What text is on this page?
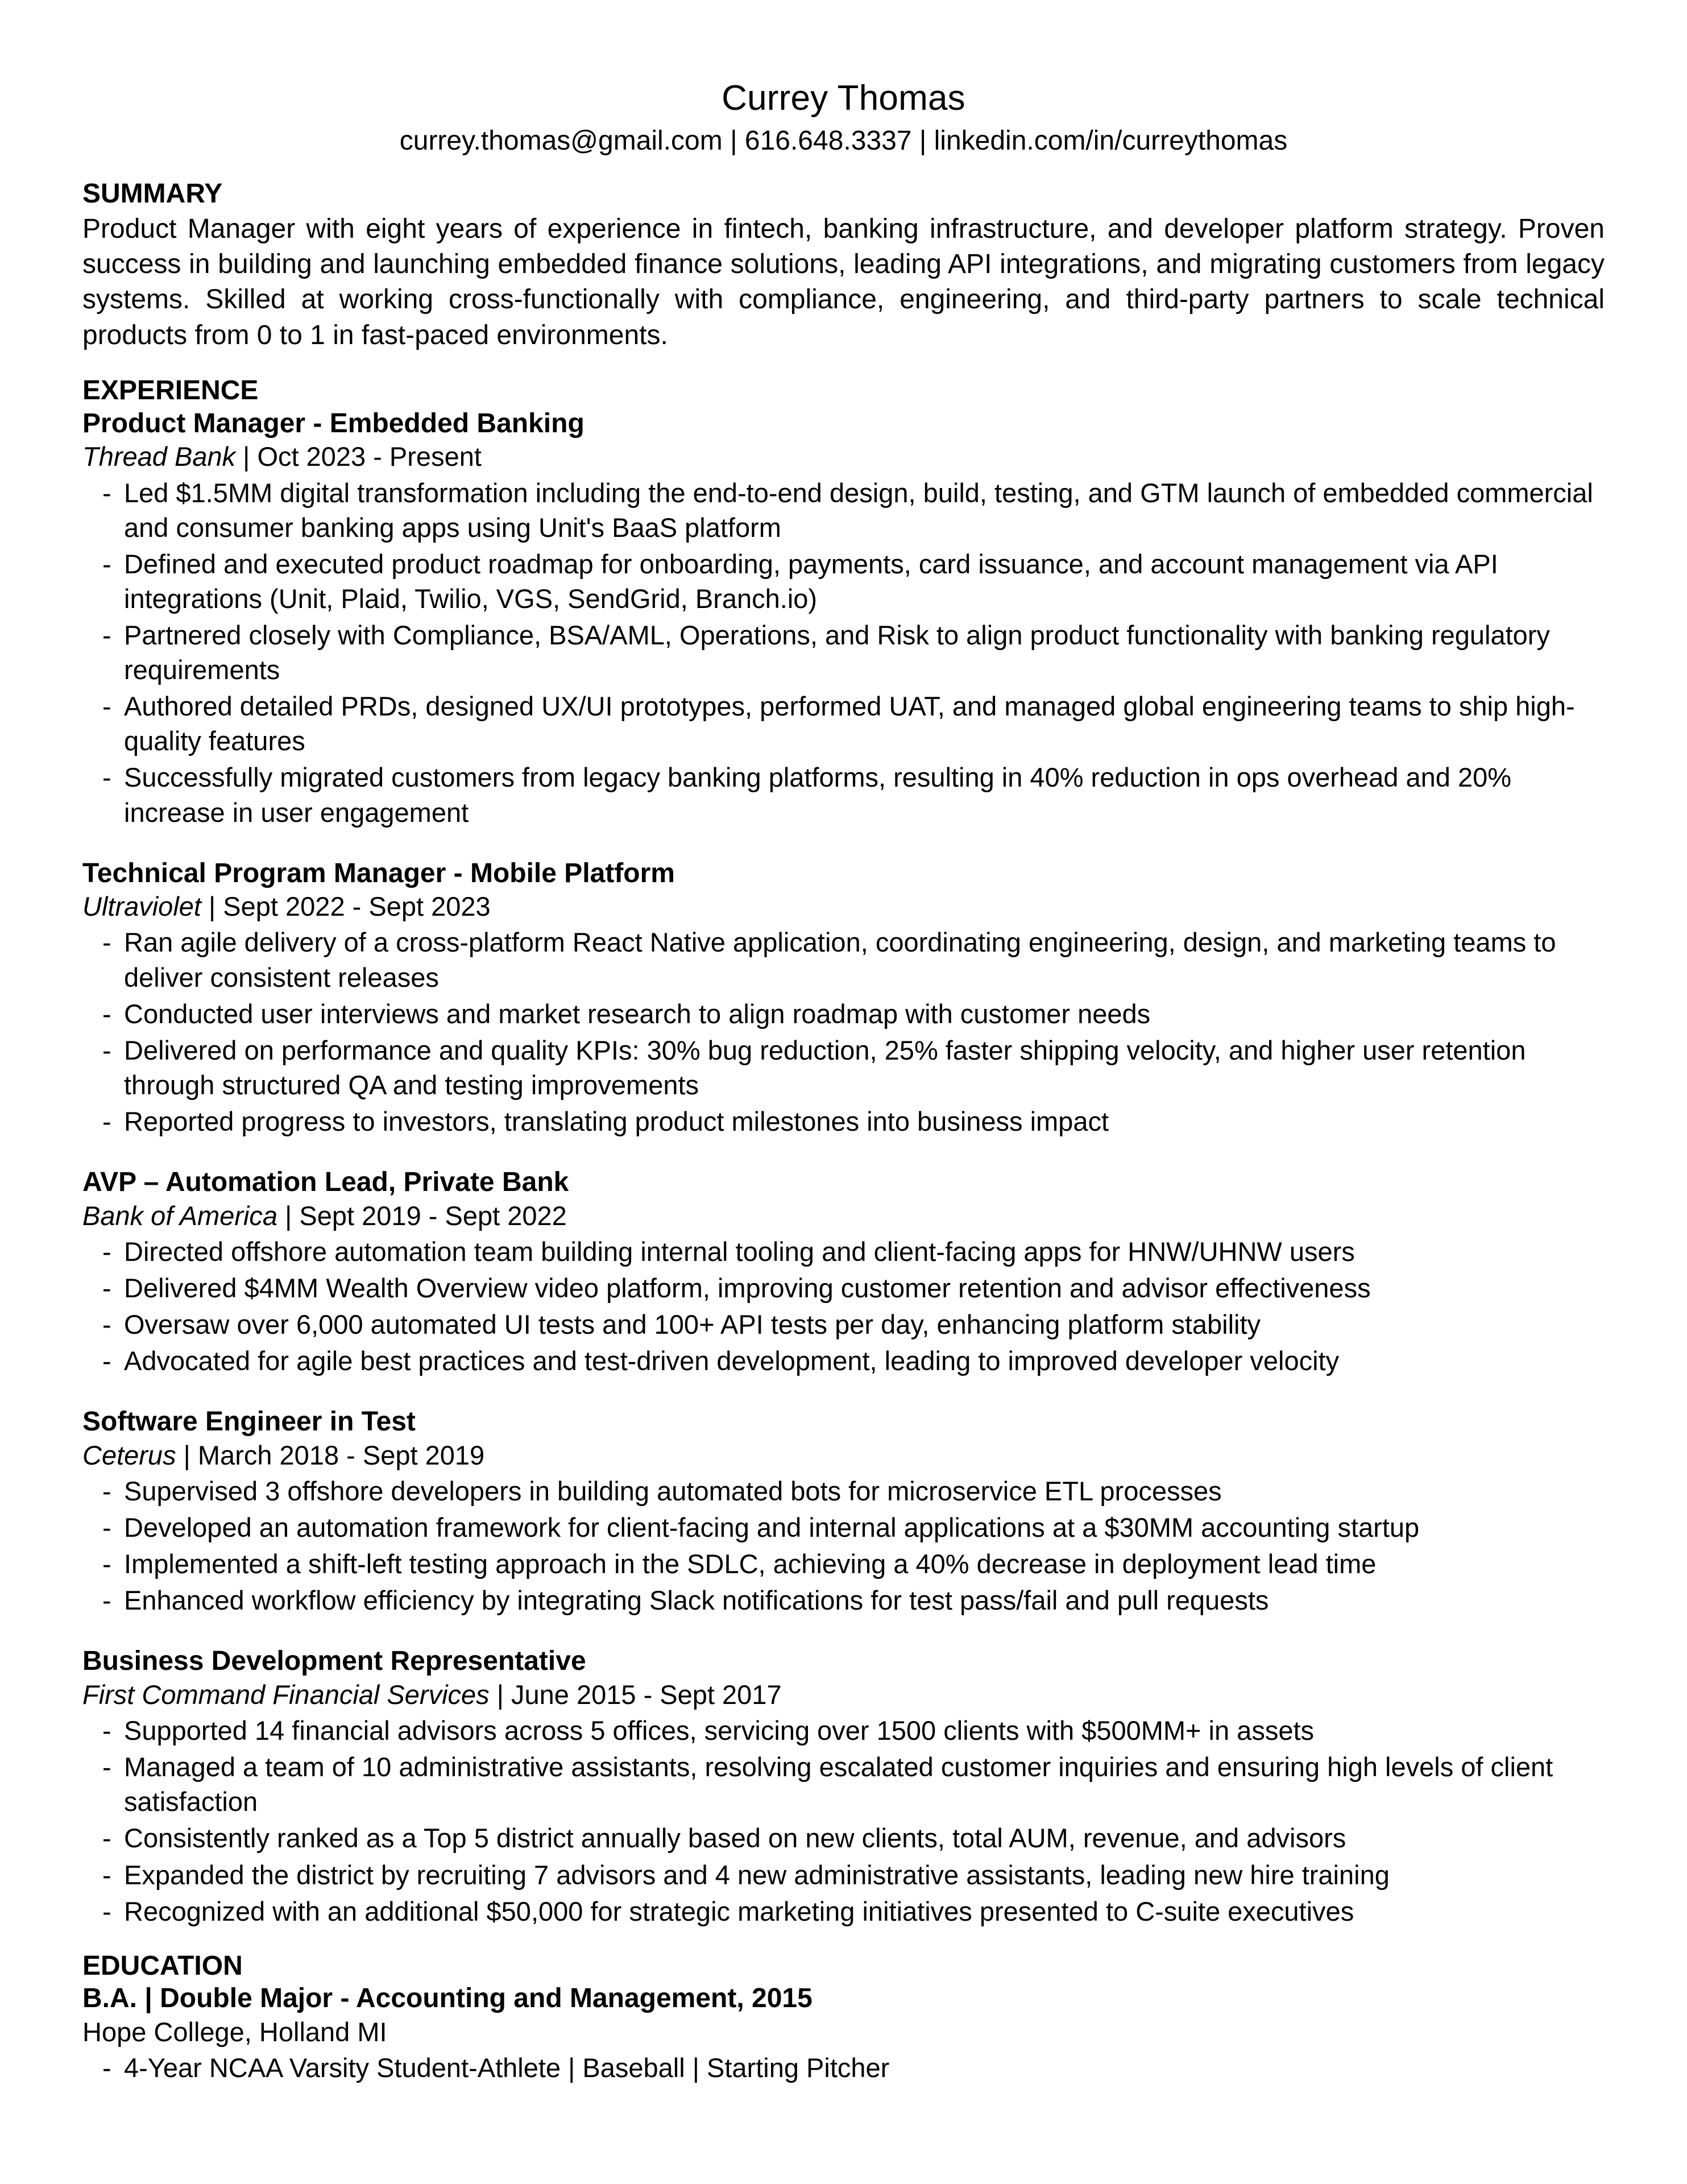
Currey Thomas
currey.thomas@gmail.com | 616.648.3337 | linkedin.com/in/curreythomas
SUMMARY
Product Manager with eight years of experience in fintech, banking infrastructure, and developer platform strategy. Proven success in building and launching embedded finance solutions, leading API integrations, and migrating customers from legacy systems. Skilled at working cross-functionally with compliance, engineering, and third-party partners to scale technical products from 0 to 1 in fast-paced environments.
EXPERIENCE
Product Manager - Embedded Banking
Thread Bank | Oct 2023 - Present
- Led $1.5MM digital transformation including the end-to-end design, build, testing, and GTM launch of embedded commercial and consumer banking apps using Unit's BaaS platform
- Defined and executed product roadmap for onboarding, payments, card issuance, and account management via API integrations (Unit, Plaid, Twilio, VGS, SendGrid, Branch.io)
- Partnered closely with Compliance, BSA/AML, Operations, and Risk to align product functionality with banking regulatory requirements
- Authored detailed PRDs, designed UX/UI prototypes, performed UAT, and managed global engineering teams to ship high-quality features
- Successfully migrated customers from legacy banking platforms, resulting in 40% reduction in ops overhead and 20% increase in user engagement
Technical Program Manager - Mobile Platform
Ultraviolet | Sept 2022 - Sept 2023
- Ran agile delivery of a cross-platform React Native application, coordinating engineering, design, and marketing teams to deliver consistent releases
- Conducted user interviews and market research to align roadmap with customer needs
- Delivered on performance and quality KPIs: 30% bug reduction, 25% faster shipping velocity, and higher user retention through structured QA and testing improvements
- Reported progress to investors, translating product milestones into business impact
AVP – Automation Lead, Private Bank
Bank of America | Sept 2019 - Sept 2022
- Directed offshore automation team building internal tooling and client-facing apps for HNW/UHNW users
- Delivered $4MM Wealth Overview video platform, improving customer retention and advisor effectiveness
- Oversaw over 6,000 automated UI tests and 100+ API tests per day, enhancing platform stability
- Advocated for agile best practices and test-driven development, leading to improved developer velocity
Software Engineer in Test
Ceterus | March 2018 - Sept 2019
- Supervised 3 offshore developers in building automated bots for microservice ETL processes
- Developed an automation framework for client-facing and internal applications at a $30MM accounting startup
- Implemented a shift-left testing approach in the SDLC, achieving a 40% decrease in deployment lead time
- Enhanced workflow efficiency by integrating Slack notifications for test pass/fail and pull requests
Business Development Representative
First Command Financial Services | June 2015 - Sept 2017
- Supported 14 financial advisors across 5 offices, servicing over 1500 clients with $500MM+ in assets
- Managed a team of 10 administrative assistants, resolving escalated customer inquiries and ensuring high levels of client satisfaction
- Consistently ranked as a Top 5 district annually based on new clients, total AUM, revenue, and advisors
- Expanded the district by recruiting 7 advisors and 4 new administrative assistants, leading new hire training
- Recognized with an additional $50,000 for strategic marketing initiatives presented to C-suite executives
EDUCATION
B.A. | Double Major - Accounting and Management, 2015
Hope College, Holland MI
- 4-Year NCAA Varsity Student-Athlete | Baseball | Starting Pitcher
